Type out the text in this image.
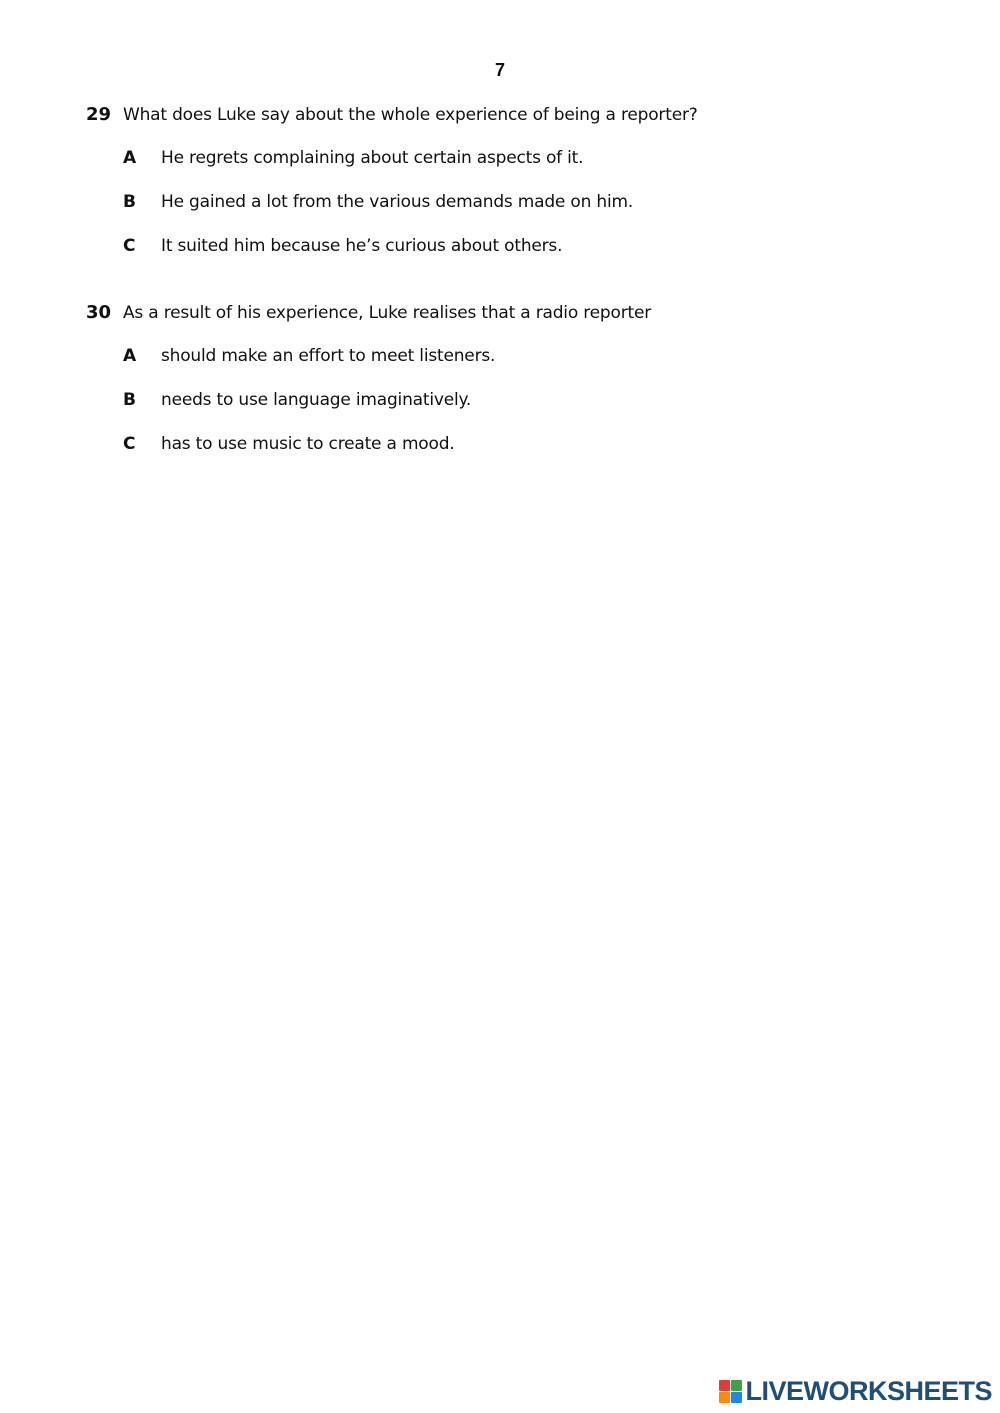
7
29 What does Luke say about the whole experience of being a reporter?
A	He regrets complaining about certain aspects of it.
B	He gained a lot from the various demands made on him.
C	It suited him because he’s curious about others.
30 As a result of his experience, Luke realises that a radio reporter
A	should make an effort to meet listeners.
B	needs to use language imaginatively.
C	has to use music to create a mood.
LIVEWORKSHEETS
